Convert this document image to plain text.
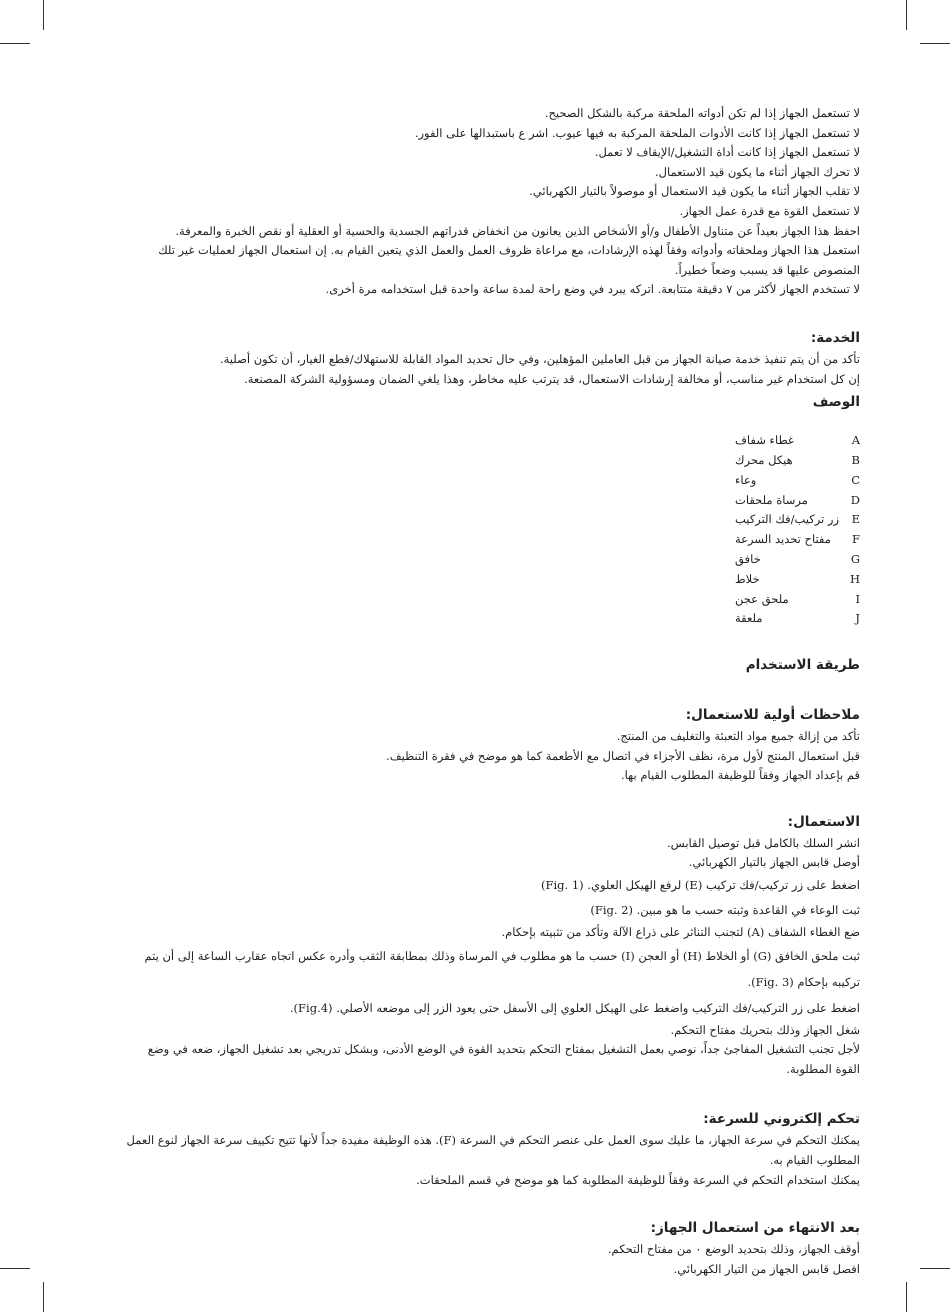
لا تستعمل الجهاز إذا لم تكن أدواته الملحقة مركبة بالشكل الصحيح.

لا تستعمل الجهاز إذا كانت الأدوات الملحقة المركبة به فيها عيوب. اشر ع باستبدالها على الفور.

لا تستعمل الجهاز إذا كانت أداة التشغيل/الإيقاف لا تعمل.

لا تحرك الجهاز أثناء ما يكون قيد الاستعمال.

لا تقلب الجهاز أثناء ما يكون قيد الاستعمال أو موصولاً بالتيار الكهربائي.

لا تستعمل القوة مع قدرة عمل الجهاز.

احفظ هذا الجهاز بعيداً عن متناول الأطفال و/أو الأشخاص الذين يعانون من انخفاض قدراتهم الجسدية والحسية أو العقلية أو نقص الخبرة والمعرفة.

استعمل هذا الجهاز وملحقاته وأدواته وفقاً لهذه الإرشادات، مع مراعاة ظروف العمل والعمل الذي يتعين القيام به. إن استعمال الجهاز لعمليات غير تلك المنصوص عليها قد يسبب وضعاً خطيراً.

لا تستخدم الجهاز لأكثر من ٧ دقيقة متتابعة. اتركه يبرد في وضع راحة لمدة ساعة واحدة قبل استخدامه مرة أخرى.

الخدمة:

تأكد من أن يتم تنفيذ خدمة صيانة الجهاز من قبل العاملين المؤهلين، وفي حال تحديد المواد القابلة للاستهلاك/قطع الغيار، أن تكون أصلية.

إن كل استخدام غير مناسب، أو مخالفة إرشادات الاستعمال، قد يترتب عليه مخاطر، وهذا يلغي الضمان ومسؤولية الشركة المصنعة.

الوصف
A
غطاء شفاف
B
هيكل محرك
C
وعاء
D
مرساة ملحقات
E
زر تركيب/فك التركيب
F
مفتاح تحديد السرعة
G
خافق
H
خلاط
I
ملحق عجن
J
ملعقة
طريقة الاستخدام
ملاحظات أولية للاستعمال:

تأكد من إزالة جميع مواد التعبئة والتغليف من المنتج.

قبل استعمال المنتج لأول مرة، نظف الأجزاء في اتصال مع الأطعمة كما هو موضح في فقرة التنظيف.

قم بإعداد الجهاز وفقاً للوظيفة المطلوب القيام بها.

الاستعمال:

انشر السلك بالكامل قبل توصيل القابس.

أوصل قابس الجهاز بالتيار الكهربائي.

اضغط على زر تركيب/فك تركيب (E) لرفع الهيكل العلوي. (Fig. 1)

ثبت الوعاء في القاعدة وثبته حسب ما هو مبين. (Fig. 2)

ضع الغطاء الشفاف (A) لتجنب التناثر على ذراع الآلة وتأكد من تثبيته بإحكام.

ثبت ملحق الخافق (G) أو الخلاط (H) أو العجن (I) حسب ما هو مطلوب في المرساة وذلك بمطابقة الثقب وأدره عكس اتجاه عقارب الساعة إلى أن يتم تركيبه بإحكام (Fig. 3).

اضغط على زر التركيب/فك التركيب واضغط على الهيكل العلوي إلى الأسفل حتى يعود الزر إلى موضعه الأصلي. (Fig.4).

شغل الجهاز وذلك بتحريك مفتاح التحكم.

لأجل تجنب التشغيل المفاجئ جداً، نوصي بعمل التشغيل بمفتاح التحكم بتحديد القوة في الوضع الأدنى، وبشكل تدريجي بعد تشغيل الجهاز، ضعه في وضع القوة المطلوبة.

تحكم إلكتروني للسرعة:

يمكنك التحكم في سرعة الجهاز، ما عليك سوى العمل على عنصر التحكم في السرعة (F). هذه الوظيفة مفيدة جداً لأنها تتيح تكييف سرعة الجهاز لنوع العمل المطلوب القيام به.

يمكنك استخدام التحكم في السرعة وفقاً للوظيفة المطلوبة كما هو موضح في قسم الملحقات.

بعد الانتهاء من استعمال الجهاز:

أوقف الجهاز، وذلك بتحديد الوضع ٠ من مفتاح التحكم.

افصل قابس الجهاز من التيار الكهربائي.
